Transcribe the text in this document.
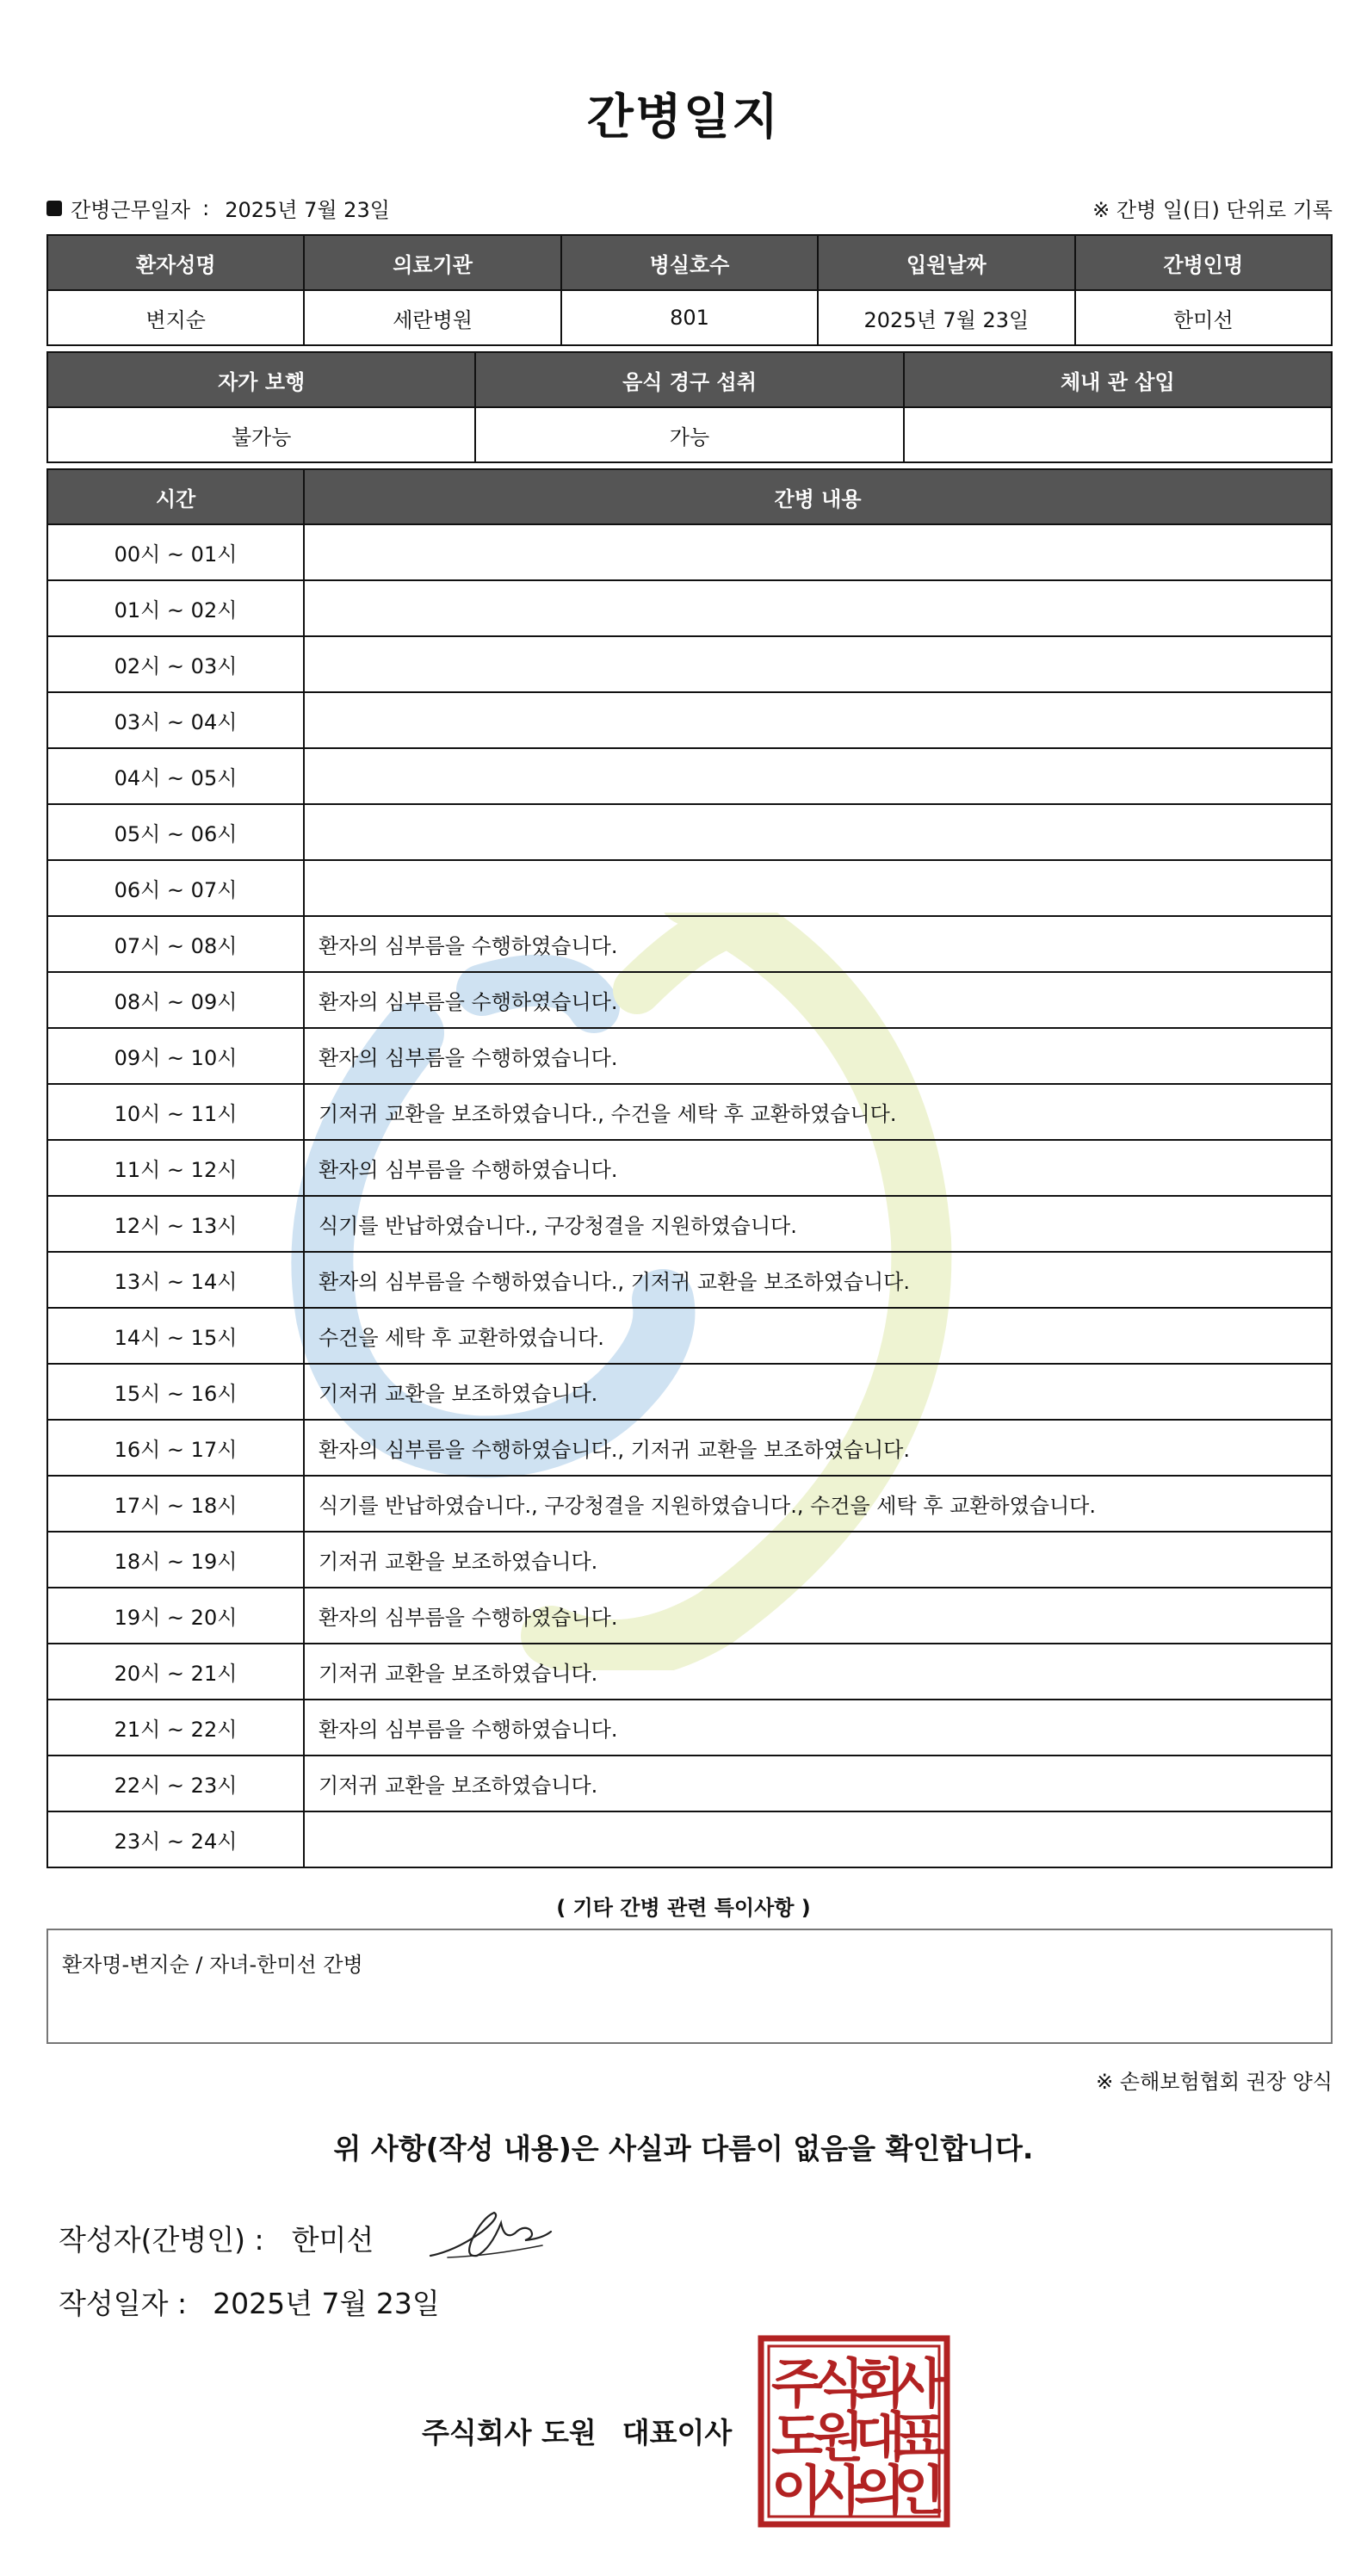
간병일지
간병근무일자 : 2025년 7월 23일	※ 간병 일(日) 단위로 기록
환자성명	의료기관	병실호수	입원날짜	간병인명
변지순	세란병원	801	2025년 7월 23일	한미선
자가 보행	음식 경구 섭취	체내 관 삽입
불가능	가능	
시간	간병 내용
00시 ~ 01시	
01시 ~ 02시	
02시 ~ 03시	
03시 ~ 04시	
04시 ~ 05시	
05시 ~ 06시	
06시 ~ 07시	
07시 ~ 08시	환자의 심부름을 수행하였습니다.
08시 ~ 09시	환자의 심부름을 수행하였습니다.
09시 ~ 10시	환자의 심부름을 수행하였습니다.
10시 ~ 11시	기저귀 교환을 보조하였습니다., 수건을 세탁 후 교환하였습니다.
11시 ~ 12시	환자의 심부름을 수행하였습니다.
12시 ~ 13시	식기를 반납하였습니다., 구강청결을 지원하였습니다.
13시 ~ 14시	환자의 심부름을 수행하였습니다., 기저귀 교환을 보조하였습니다.
14시 ~ 15시	수건을 세탁 후 교환하였습니다.
15시 ~ 16시	기저귀 교환을 보조하였습니다.
16시 ~ 17시	환자의 심부름을 수행하였습니다., 기저귀 교환을 보조하였습니다.
17시 ~ 18시	식기를 반납하였습니다., 구강청결을 지원하였습니다., 수건을 세탁 후 교환하였습니다.
18시 ~ 19시	기저귀 교환을 보조하였습니다.
19시 ~ 20시	환자의 심부름을 수행하였습니다.
20시 ~ 21시	기저귀 교환을 보조하였습니다.
21시 ~ 22시	환자의 심부름을 수행하였습니다.
22시 ~ 23시	기저귀 교환을 보조하였습니다.
23시 ~ 24시	
( 기타 간병 관련 특이사항 )
환자명-변지순 / 자녀-한미선 간병
※ 손해보험협회 권장 양식
위 사항(작성 내용)은 사실과 다름이 없음을 확인합니다.
작성자(간병인) : 한미선
작성일자 : 2025년 7월 23일
주식회사 도원 대표이사
주
식
회
사
도
원
대
표
이
사
의
인
